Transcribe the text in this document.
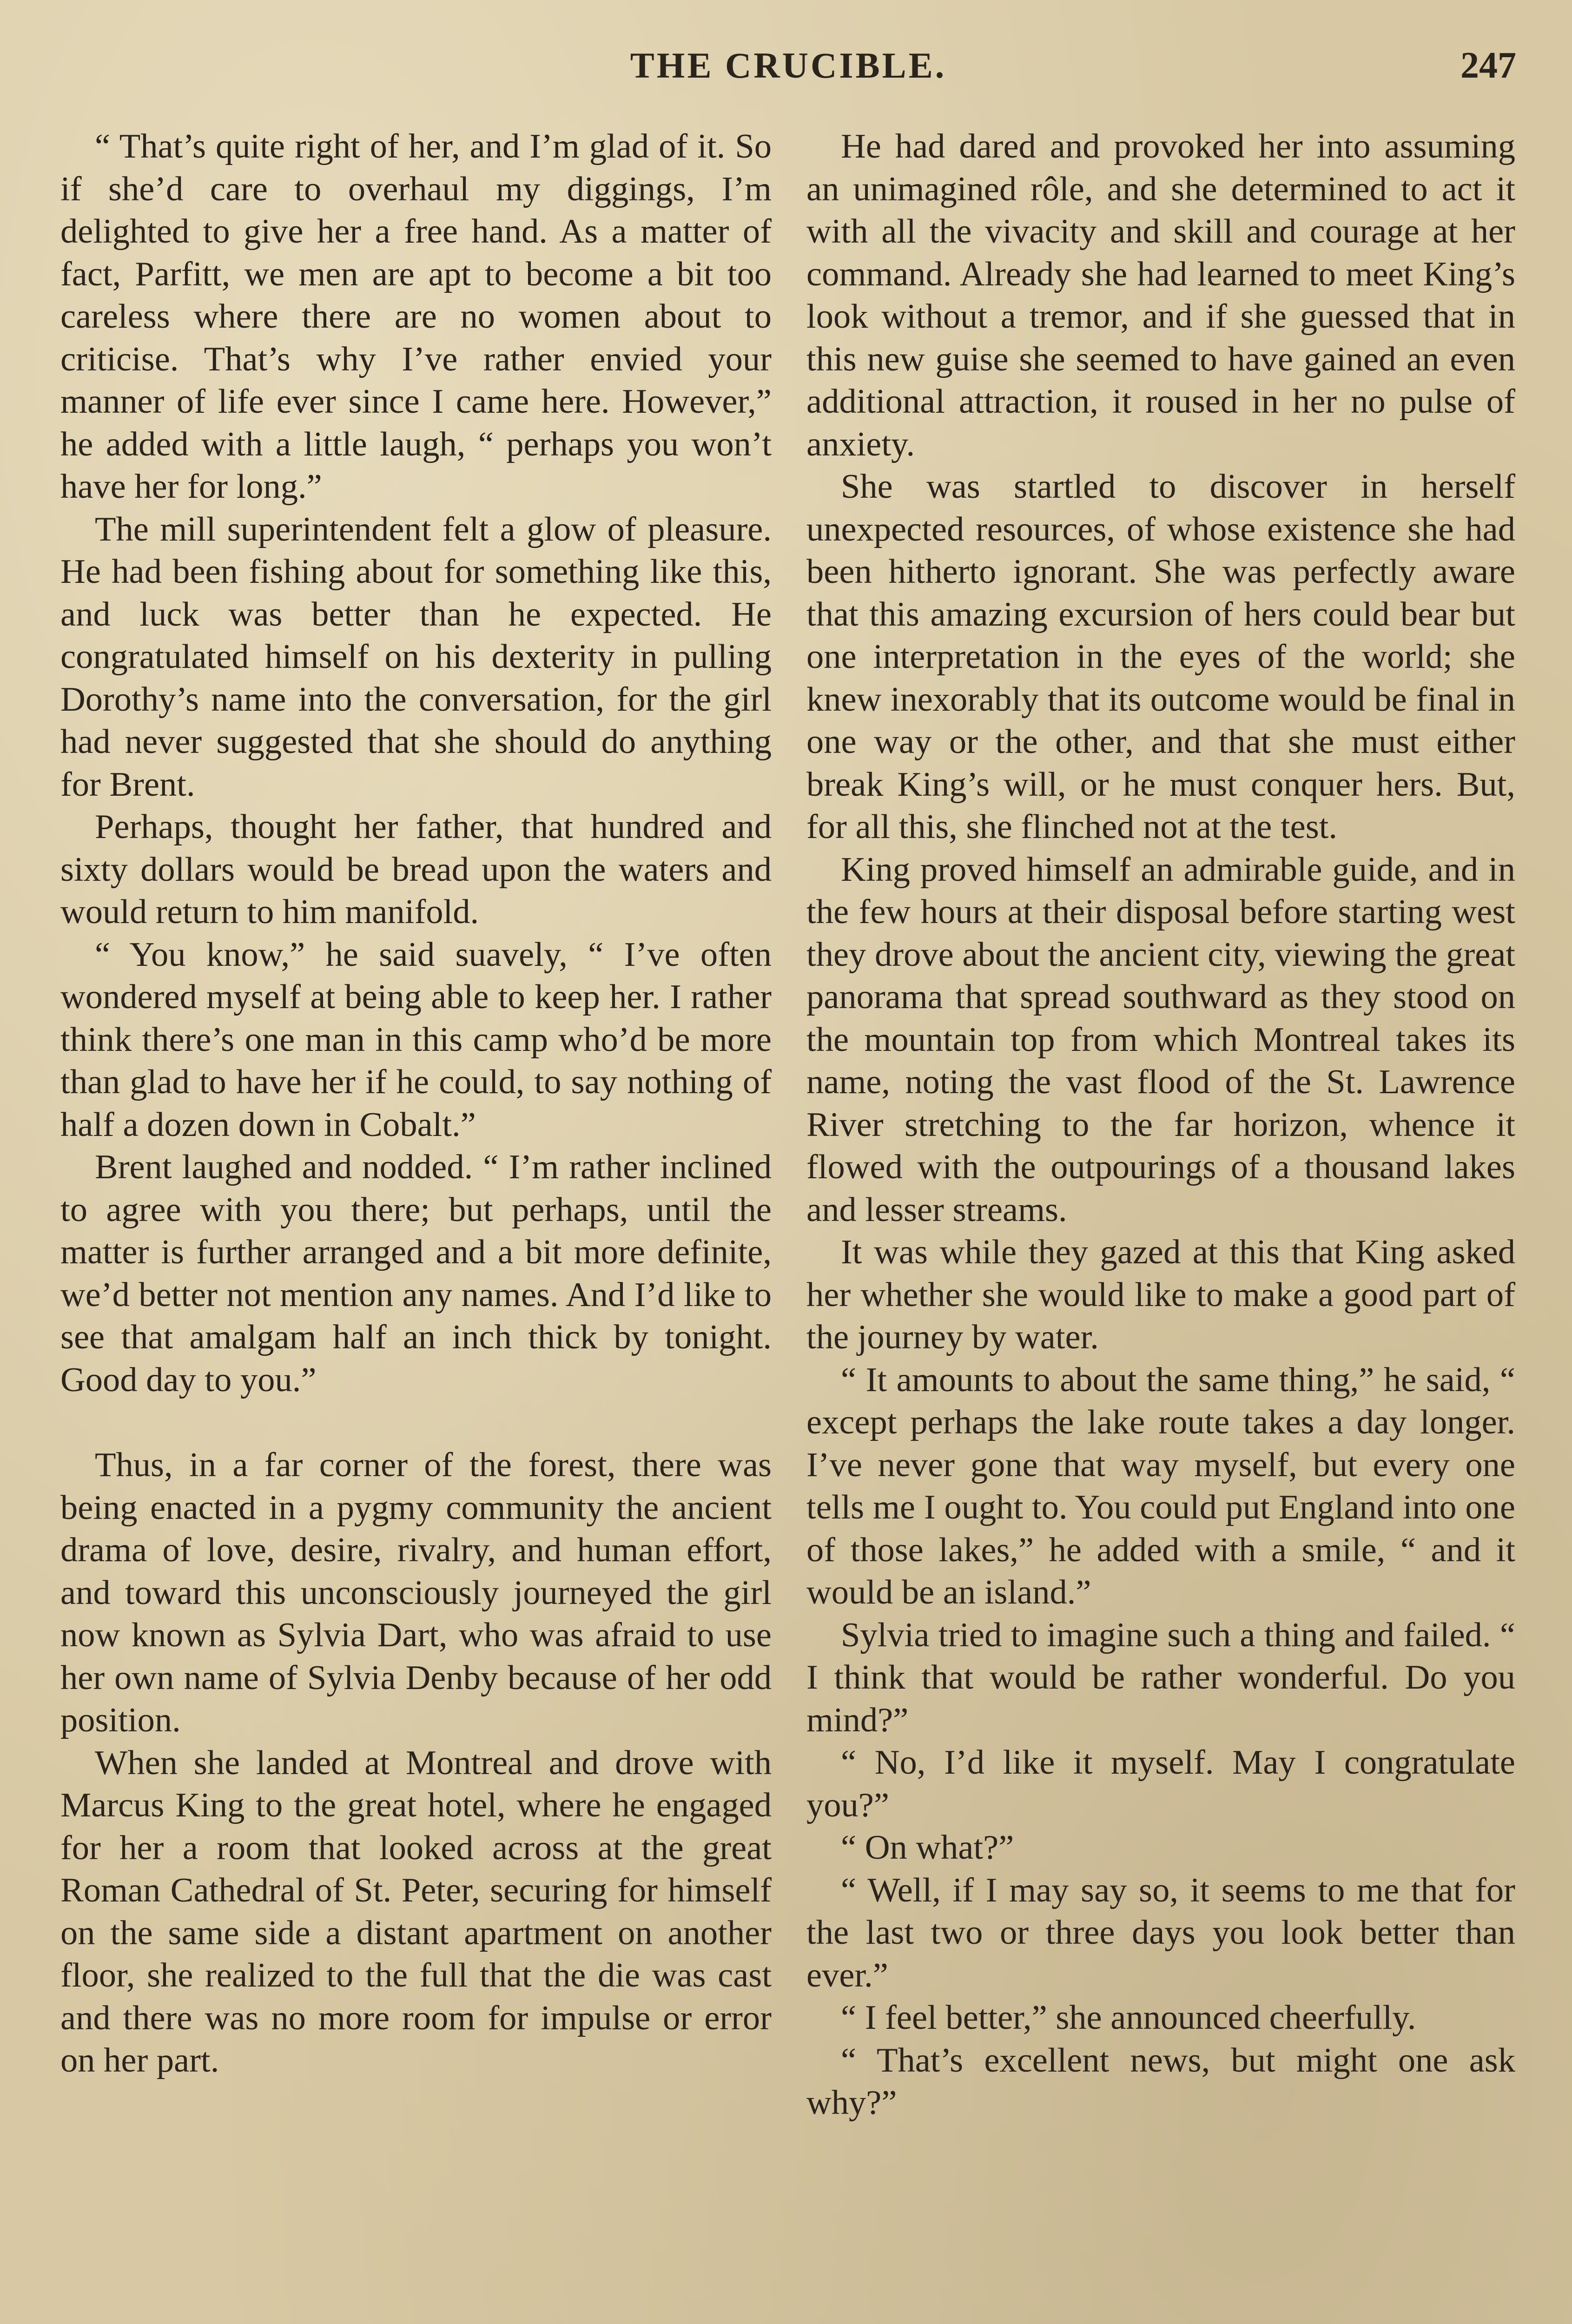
THE CRUCIBLE.	247

“ That’s quite right of her, and I’m glad of it. So if she’d care to overhaul my diggings, I’m delighted to give her a free hand. As a matter of fact, Parfitt, we men are apt to become a bit too careless where there are no women about to criticise. That’s why I’ve rather envied your manner of life ever since I came here. However,” he added with a little laugh, “ perhaps you won’t have her for long.”

The mill superintendent felt a glow of pleasure. He had been fishing about for something like this, and luck was better than he expected. He congratulated himself on his dexterity in pulling Dorothy’s name into the conversation, for the girl had never suggested that she should do anything for Brent.

Perhaps, thought her father, that hundred and sixty dollars would be bread upon the waters and would return to him manifold.

“ You know,” he said suavely, “ I’ve often wondered myself at being able to keep her. I rather think there’s one man in this camp who’d be more than glad to have her if he could, to say nothing of half a dozen down in Cobalt.”

Brent laughed and nodded. “ I’m rather inclined to agree with you there; but perhaps, until the matter is further arranged and a bit more definite, we’d better not mention any names. And I’d like to see that amalgam half an inch thick by tonight. Good day to you.”

Thus, in a far corner of the forest, there was being enacted in a pygmy community the ancient drama of love, desire, rivalry, and human effort, and toward this unconsciously journeyed the girl now known as Sylvia Dart, who was afraid to use her own name of Sylvia Denby because of her odd position.

When she landed at Montreal and drove with Marcus King to the great hotel, where he engaged for her a room that looked across at the great Roman Cathedral of St. Peter, securing for himself on the same side a distant apartment on another floor, she realized to the full that the die was cast and there was no more room for impulse or error on her part.

He had dared and provoked her into assuming an unimagined rôle, and she determined to act it with all the vivacity and skill and courage at her command. Already she had learned to meet King’s look without a tremor, and if she guessed that in this new guise she seemed to have gained an even additional attraction, it roused in her no pulse of anxiety.

She was startled to discover in herself unexpected resources, of whose existence she had been hitherto ignorant. She was perfectly aware that this amazing excursion of hers could bear but one interpretation in the eyes of the world; she knew inexorably that its outcome would be final in one way or the other, and that she must either break King’s will, or he must conquer hers. But, for all this, she flinched not at the test.

King proved himself an admirable guide, and in the few hours at their disposal before starting west they drove about the ancient city, viewing the great panorama that spread southward as they stood on the mountain top from which Montreal takes its name, noting the vast flood of the St. Lawrence River stretching to the far horizon, whence it flowed with the outpourings of a thousand lakes and lesser streams.

It was while they gazed at this that King asked her whether she would like to make a good part of the journey by water.

“ It amounts to about the same thing,” he said, “ except perhaps the lake route takes a day longer. I’ve never gone that way myself, but every one tells me I ought to. You could put England into one of those lakes,” he added with a smile, “ and it would be an island.”

Sylvia tried to imagine such a thing and failed. “ I think that would be rather wonderful. Do you mind?”

“ No, I’d like it myself. May I congratulate you?”

“ On what?”

“ Well, if I may say so, it seems to me that for the last two or three days you look better than ever.”

“ I feel better,” she announced cheerfully.

“ That’s excellent news, but might one ask why?”
